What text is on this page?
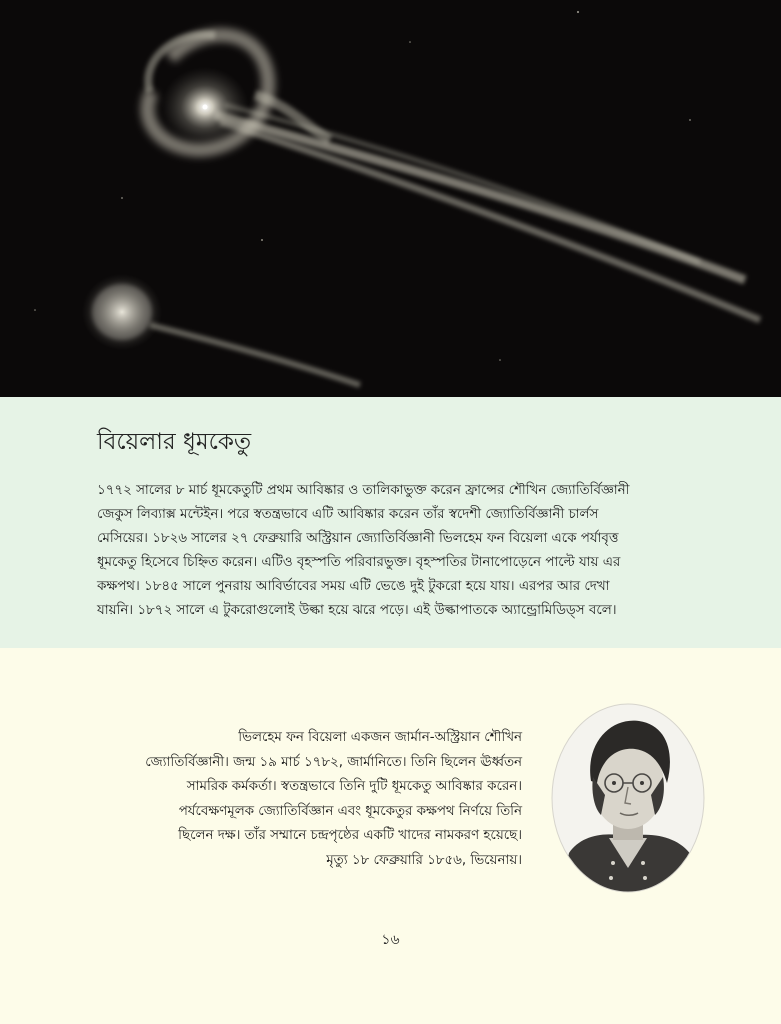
বিয়েলার ধূমকেতু

১৭৭২ সালের ৮ মার্চ ধূমকেতুটি প্রথম আবিষ্কার ও তালিকাভুক্ত করেন ফ্রান্সের শৌখিন জ্যোতির্বিজ্ঞানী
জেকুস লিব্যাক্স মন্টেইন। পরে স্বতন্ত্রভাবে এটি আবিষ্কার করেন তাঁর স্বদেশী জ্যোতির্বিজ্ঞানী চার্লস
মেসিয়ের। ১৮২৬ সালের ২৭ ফেব্রুয়ারি অস্ট্রিয়ান জ্যোতির্বিজ্ঞানী ভিলহেম ফন বিয়েলা একে পর্যাবৃত্ত
ধূমকেতু হিসেবে চিহ্নিত করেন। এটিও বৃহস্পতি পরিবারভুক্ত। বৃহস্পতির টানাপোড়েনে পাল্টে যায় এর
কক্ষপথ। ১৮৪৫ সালে পুনরায় আবির্ভাবের সময় এটি ভেঙে দুই টুকরো হয়ে যায়। এরপর আর দেখা
যায়নি। ১৮৭২ সালে এ টুকরোগুলোই উল্কা হয়ে ঝরে পড়ে। এই উল্কাপাতকে অ্যান্ড্রোমিডিড্স বলে।

ভিলহেম ফন বিয়েলা একজন জার্মান-অস্ট্রিয়ান শৌখিন
জ্যোতির্বিজ্ঞানী। জন্ম ১৯ মার্চ ১৭৮২, জার্মানিতে। তিনি ছিলেন ঊর্ধ্বতন
সামরিক কর্মকর্তা। স্বতন্ত্রভাবে তিনি দুটি ধূমকেতু আবিষ্কার করেন।
পর্যবেক্ষণমূলক জ্যোতির্বিজ্ঞান এবং ধূমকেতুর কক্ষপথ নির্ণয়ে তিনি
ছিলেন দক্ষ। তাঁর সম্মানে চন্দ্রপৃষ্ঠের একটি খাদের নামকরণ হয়েছে।
মৃত্যু ১৮ ফেব্রুয়ারি ১৮৫৬, ভিয়েনায়।
১৬
